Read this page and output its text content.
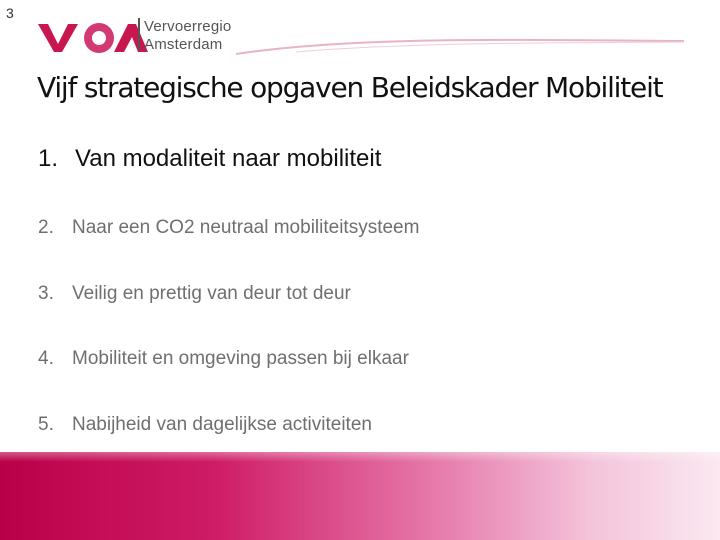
3
Vervoerregio
Amsterdam
Vijf strategische opgaven Beleidskader Mobiliteit
1. Van modaliteit naar mobiliteit
2. Naar een CO2 neutraal mobiliteitsysteem
3. Veilig en prettig van deur tot deur
4. Mobiliteit en omgeving passen bij elkaar
5. Nabijheid van dagelijkse activiteiten
